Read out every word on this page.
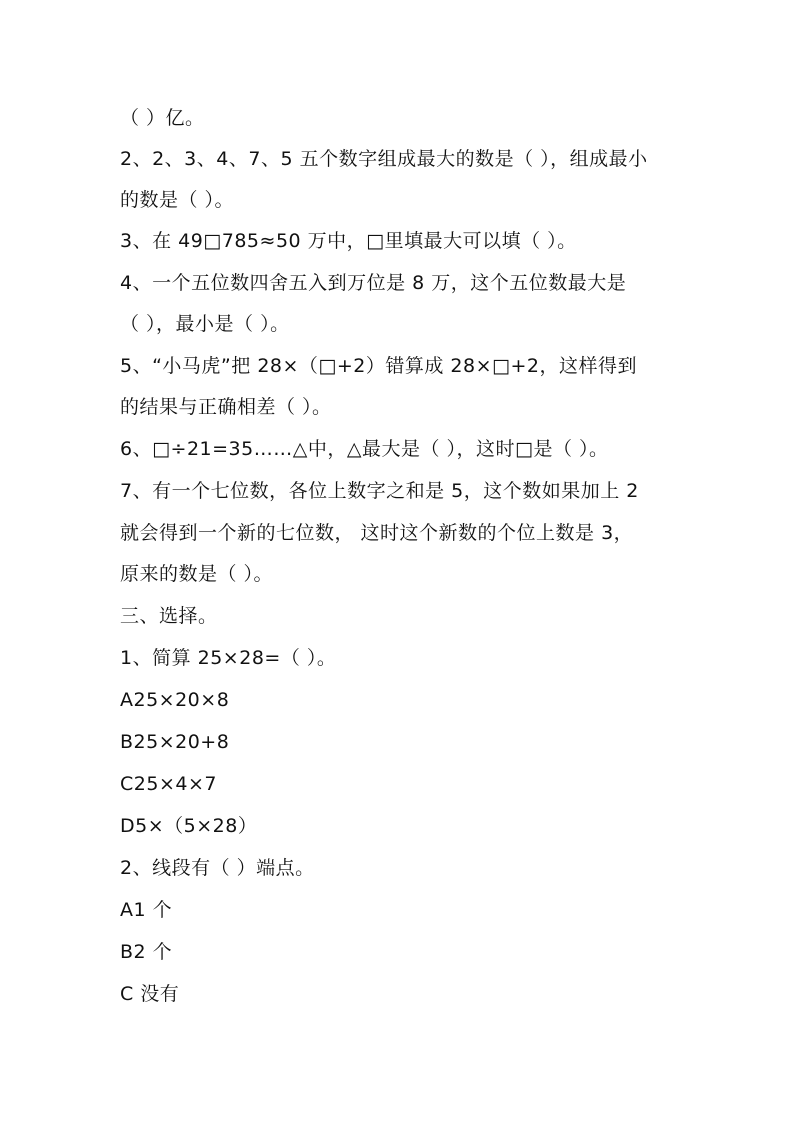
（ ）亿。
2、2、3、4、7、5 五个数字组成最大的数是（ ），组成最小
的数是（ ）。
3、在 49□785≈50 万中，□里填最大可以填（ ）。
4、一个五位数四舍五入到万位是 8 万，这个五位数最大是
（ ），最小是（ ）。
5、“小马虎”把 28×（□+2）错算成 28×□+2，这样得到
的结果与正确相差（ ）。
6、□÷21=35……△中，△最大是（ ），这时□是（ ）。
7、有一个七位数，各位上数字之和是 5，这个数如果加上 2
就会得到一个新的七位数， 这时这个新数的个位上数是 3，
原来的数是（ ）。
三、选择。
1、简算 25×28=（ ）。
A25×20×8
B25×20+8
C25×4×7
D5×（5×28）
2、线段有（ ）端点。
A1 个
B2 个
C 没有
